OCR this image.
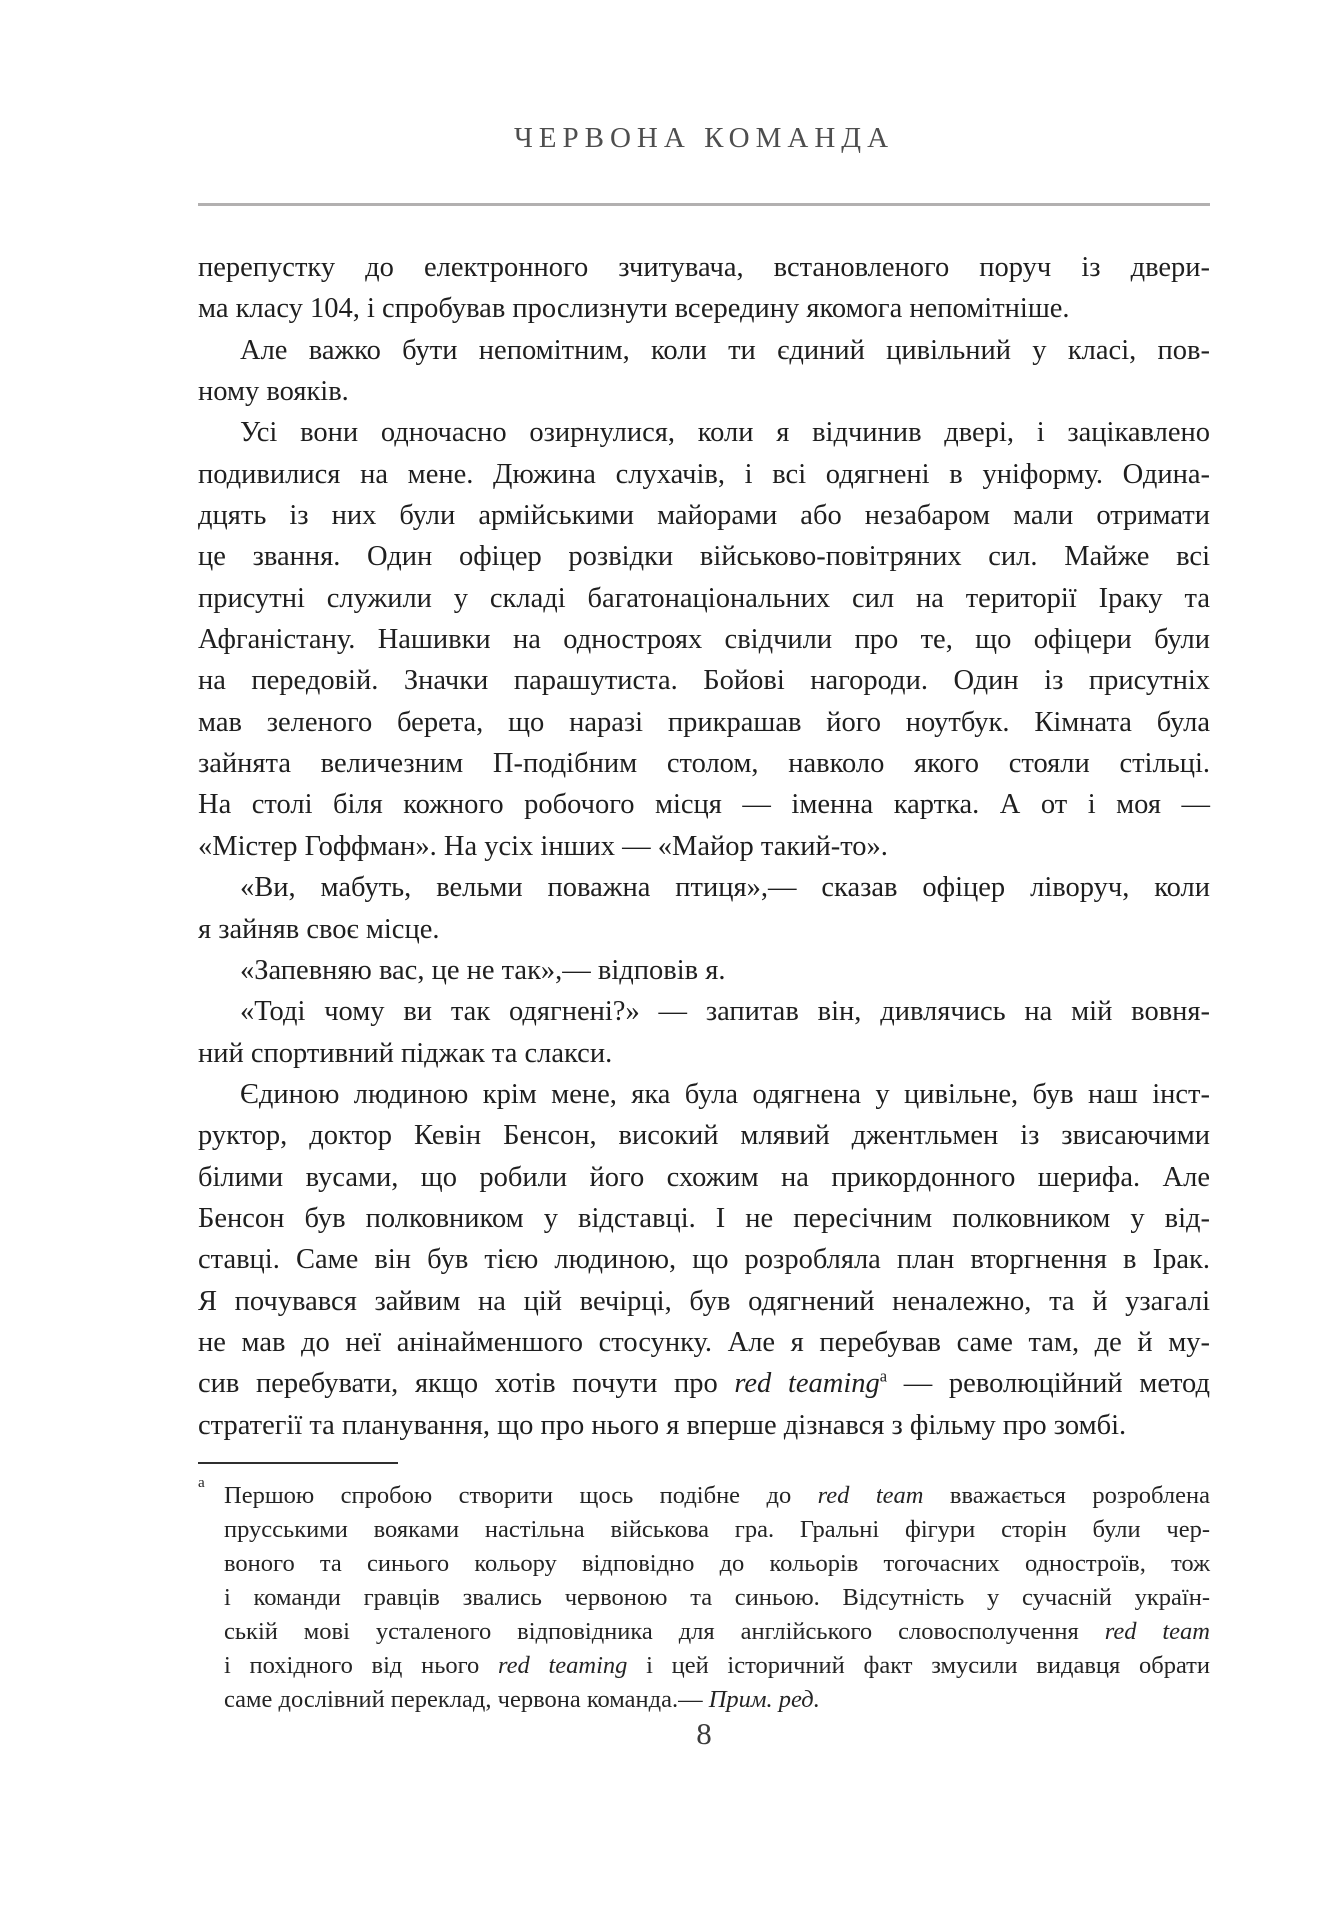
ЧЕРВОНА КОМАНДА
перепустку до електронного зчитувача, встановленого поруч із двери-
ма класу 104, і спробував прослизнути всередину якомога непомітніше.
Але важко бути непомітним, коли ти єдиний цивільний у класі, пов-
ному вояків.
Усі вони одночасно озирнулися, коли я відчинив двері, і зацікавлено
подивилися на мене. Дюжина слухачів, і всі одягнені в уніформу. Одина-
дцять із них були армійськими майорами або незабаром мали отримати
це звання. Один офіцер розвідки військово-повітряних сил. Майже всі
присутні служили у складі багатонаціональних сил на території Іраку та
Афганістану. Нашивки на одностроях свідчили про те, що офіцери були
на передовій. Значки парашутиста. Бойові нагороди. Один із присутніх
мав зеленого берета, що наразі прикрашав його ноутбук. Кімната була
зайнята величезним П-подібним столом, навколо якого стояли стільці.
На столі біля кожного робочого місця — іменна картка. А от і моя —
«Містер Гоффман». На усіх інших — «Майор такий-то».
«Ви, мабуть, вельми поважна птиця»,— сказав офіцер ліворуч, коли
я зайняв своє місце.
«Запевняю вас, це не так»,— відповів я.
«Тоді чому ви так одягнені?» — запитав він, дивлячись на мій вовня-
ний спортивний піджак та слакси.
Єдиною людиною крім мене, яка була одягнена у цивільне, був наш інст-
руктор, доктор Кевін Бенсон, високий млявий джентльмен із звисаючими
білими вусами, що робили його схожим на прикордонного шерифа. Але
Бенсон був полковником у відставці. І не пересічним полковником у від-
ставці. Саме він був тією людиною, що розробляла план вторгнення в Ірак.
Я почувався зайвим на цій вечірці, був одягнений неналежно, та й узагалі
не мав до неї анінайменшого стосунку. Але я перебував саме там, де й му-
сив перебувати, якщо хотів почути про red teaming$^а$ — революційний метод
стратегії та планування, що про нього я вперше дізнався з фільму про зомбі.
$^а$ Першою спробою створити щось подібне до red team вважається розроблена
прусськими вояками настільна військова гра. Гральні фігури сторін були чер-
воного та синього кольору відповідно до кольорів тогочасних одностроїв, тож
і команди гравців звались червоною та синьою. Відсутність у сучасній україн-
ській мові усталеного відповідника для англійського словосполучення red team
і похідного від нього red teaming і цей історичний факт змусили видавця обрати
саме дослівний переклад, червона команда.— Прим. ред.
8
